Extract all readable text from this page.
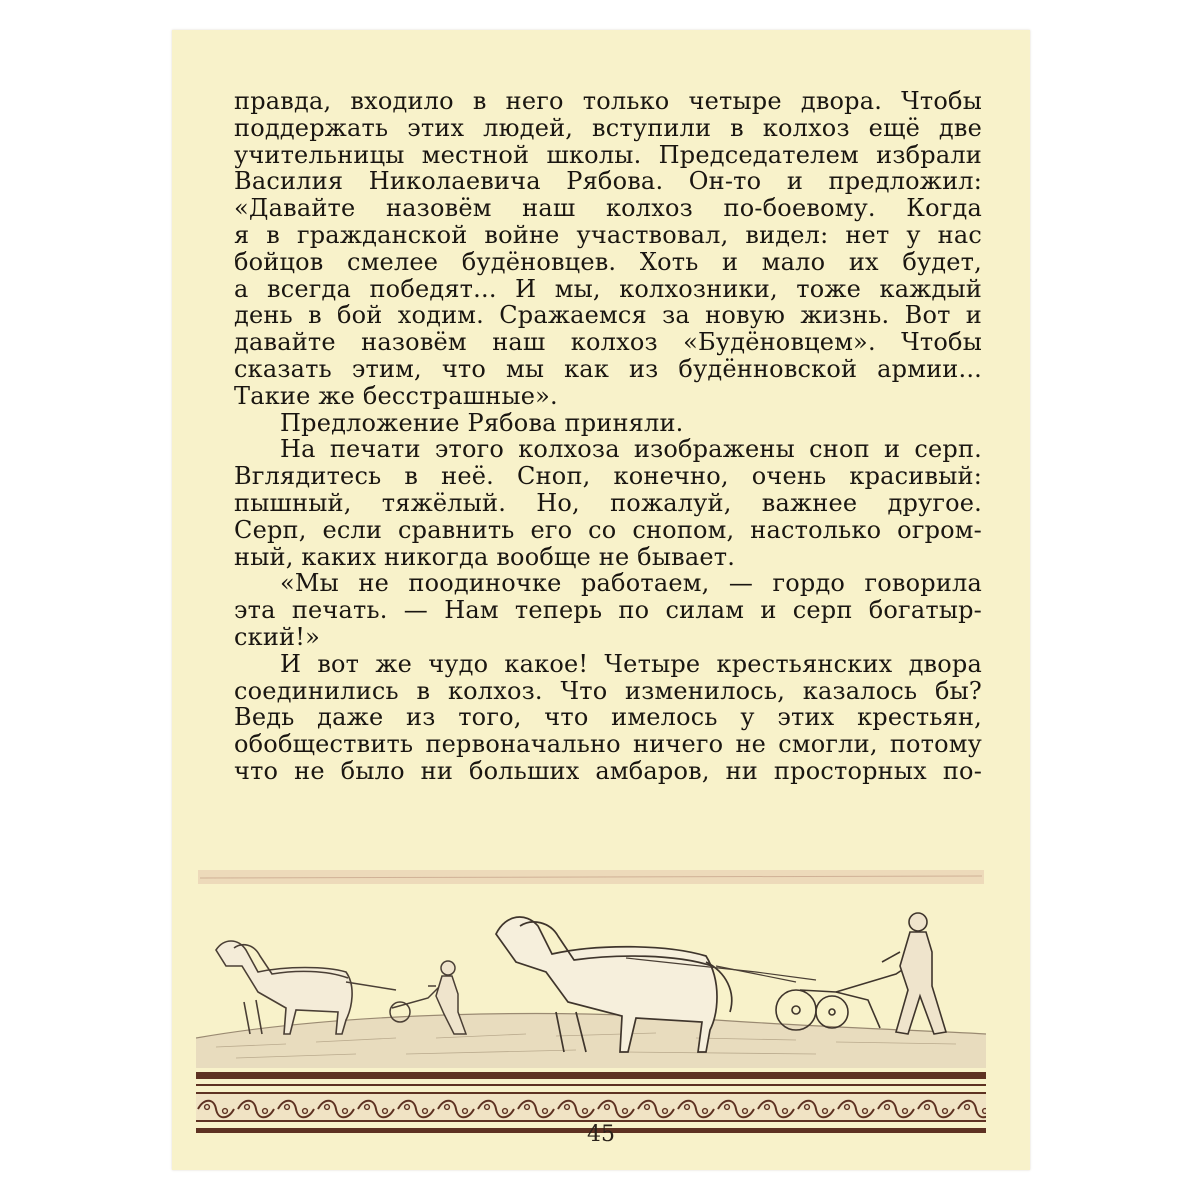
правда, входило в него только четыре двора. Чтобы
поддержать этих людей, вступили в колхоз ещё две
учительницы местной школы. Председателем избрали
Василия Николаевича Рябова. Он-то и предложил:
«Давайте назовём наш колхоз по-боевому. Когда
я в гражданской войне участвовал, видел: нет у нас
бойцов смелее будёновцев. Хоть и мало их будет,
а всегда победят... И мы, колхозники, тоже каждый
день в бой ходим. Сражаемся за новую жизнь. Вот и
давайте назовём наш колхоз «Будёновцем». Чтобы
сказать этим, что мы как из будённовской армии...
Такие же бесстрашные».
Предложение Рябова приняли.
На печати этого колхоза изображены сноп и серп.
Вглядитесь в неё. Сноп, конечно, очень красивый:
пышный, тяжёлый. Но, пожалуй, важнее другое.
Серп, если сравнить его со снопом, настолько огром-
ный, каких никогда вообще не бывает.
«Мы не поодиночке работаем, — гордо говорила
эта печать. — Нам теперь по силам и серп богатыр-
ский!»
И вот же чудо какое! Четыре крестьянских двора
соединились в колхоз. Что изменилось, казалось бы?
Ведь даже из того, что имелось у этих крестьян,
обобществить первоначально ничего не смогли, потому
что не было ни больших амбаров, ни просторных по-
45
